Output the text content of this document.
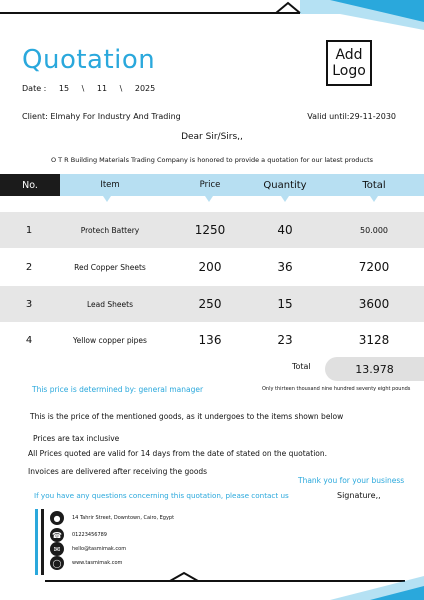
Quotation
Date : 15 \ 11 \ 2025
Add
Logo
Client: Elmahy For Industry And Trading	Valid until:29-11-2030
Dear Sir/Sirs,,
O T R Building Materials Trading Company is honored to provide a quotation for our latest products
No.	Item	Price	Quantity	Total
1	Protech Battery	1250	40	50.000
2	Red Copper Sheets	200	36	7200
3	Lead Sheets	250	15	3600
4	Yellow copper pipes	136	23	3128
Total	13.978
Only thirteen thousand nine hundred seventy eight pounds
This price is determined by: general manager
This is the price of the mentioned goods, as it undergoes to the items shown below
Prices are tax inclusive
All Prices quoted are valid for 14 days from the date of stated on the quotation.
Invoices are delivered after receiving the goods
Thank you for your business
If you have any questions concerning this quotation, please contact us	Signature,,
●	14 Tahrir Street, Downtown, Cairo, Egypt
☎	01223456789
✉	hello@tasmimak.com
◯	www.tasmimak.com
